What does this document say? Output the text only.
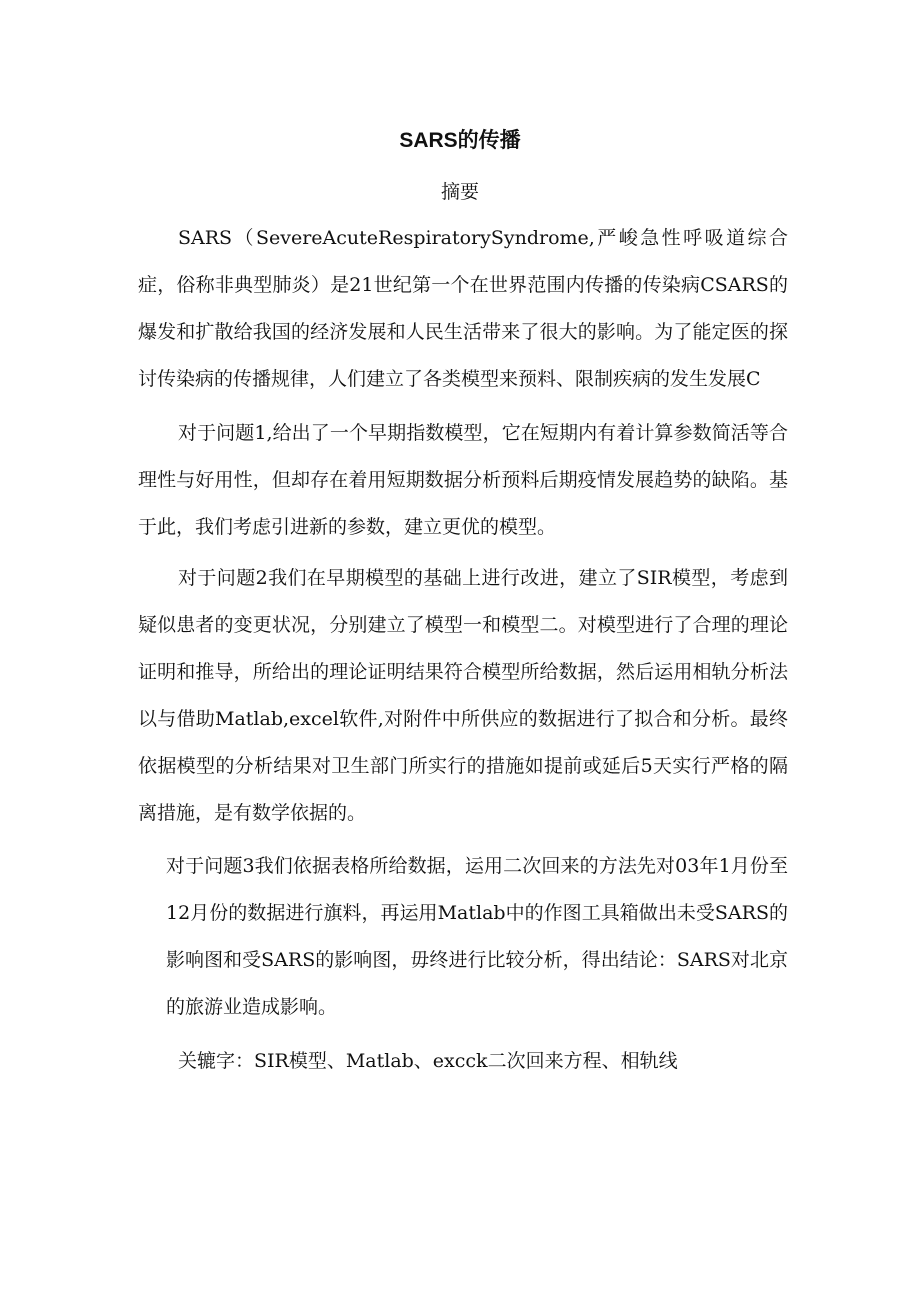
SARS的传播
摘要
SARS（SevereAcuteRespiratorySyndrome,严峻急性呼吸道综合症，俗称非典型肺炎）是21世纪第一个在世界范围内传播的传染病CSARS的爆发和扩散给我国的经济发展和人民生活带来了很大的影响。为了能定医的探讨传染病的传播规律，人们建立了各类模型来预料、限制疾病的发生发展C
对于问题1,给出了一个早期指数模型，它在短期内有着计算参数简活等合理性与好用性，但却存在着用短期数据分析预料后期疫情发展趋势的缺陷。基于此，我们考虑引进新的参数，建立更优的模型。
对于问题2我们在早期模型的基础上进行改进，建立了SIR模型，考虑到疑似患者的变更状况，分别建立了模型一和模型二。对模型进行了合理的理论证明和推导，所给出的理论证明结果符合模型所给数据，然后运用相轨分析法以与借助Matlab,excel软件,对附件中所供应的数据进行了拟合和分析。最终依据模型的分析结果对卫生部门所实行的措施如提前或延后5天实行严格的隔离措施，是有数学依据的。
对于问题3我们依据表格所给数据，运用二次回来的方法先对03年1月份至12月份的数据进行旗料，再运用Matlab中的作图工具箱做出未受SARS的影响图和受SARS的影响图，毋终进行比较分析，得出结论：SARS对北京的旅游业造成影响。
关辘字：SIR模型、Matlab、excck二次回来方程、相轨线
